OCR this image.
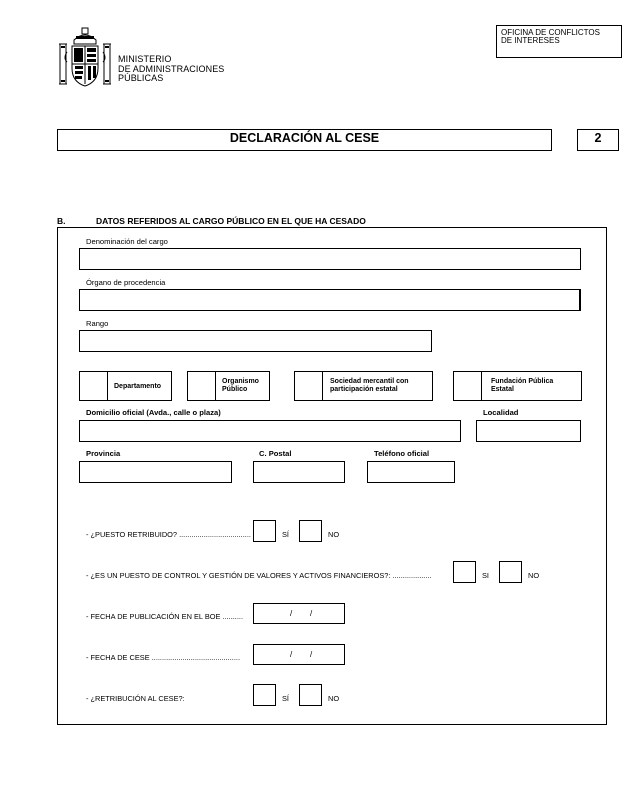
MINISTERIO
DE ADMINISTRACIONES
PÚBLICAS
OFICINA DE CONFLICTOS
DE INTERESES
DECLARACIÓN AL CESE	2
B.	DATOS REFERIDOS AL CARGO PÚBLICO EN EL QUE HA CESADO
Denominación del cargo
Órgano de procedencia
Rango
Departamento
Organismo
Público
Sociedad mercantil con
participación estatal
Fundación Pública
Estatal
Domicilio oficial (Avda., calle o plaza)	Localidad
Provincia	C. Postal	Teléfono oficial
- ¿PUESTO RETRIBUIDO? ...................................	SÍ	NO
- ¿ES UN PUESTO DE CONTROL Y GESTIÓN DE VALORES Y ACTIVOS FINANCIEROS?: ...................	SI	NO
- FECHA DE PUBLICACIÓN EN EL BOE ..........	/        /
- FECHA DE CESE ...........................................	/        /
- ¿RETRIBUCIÓN AL CESE?:	SÍ	NO
